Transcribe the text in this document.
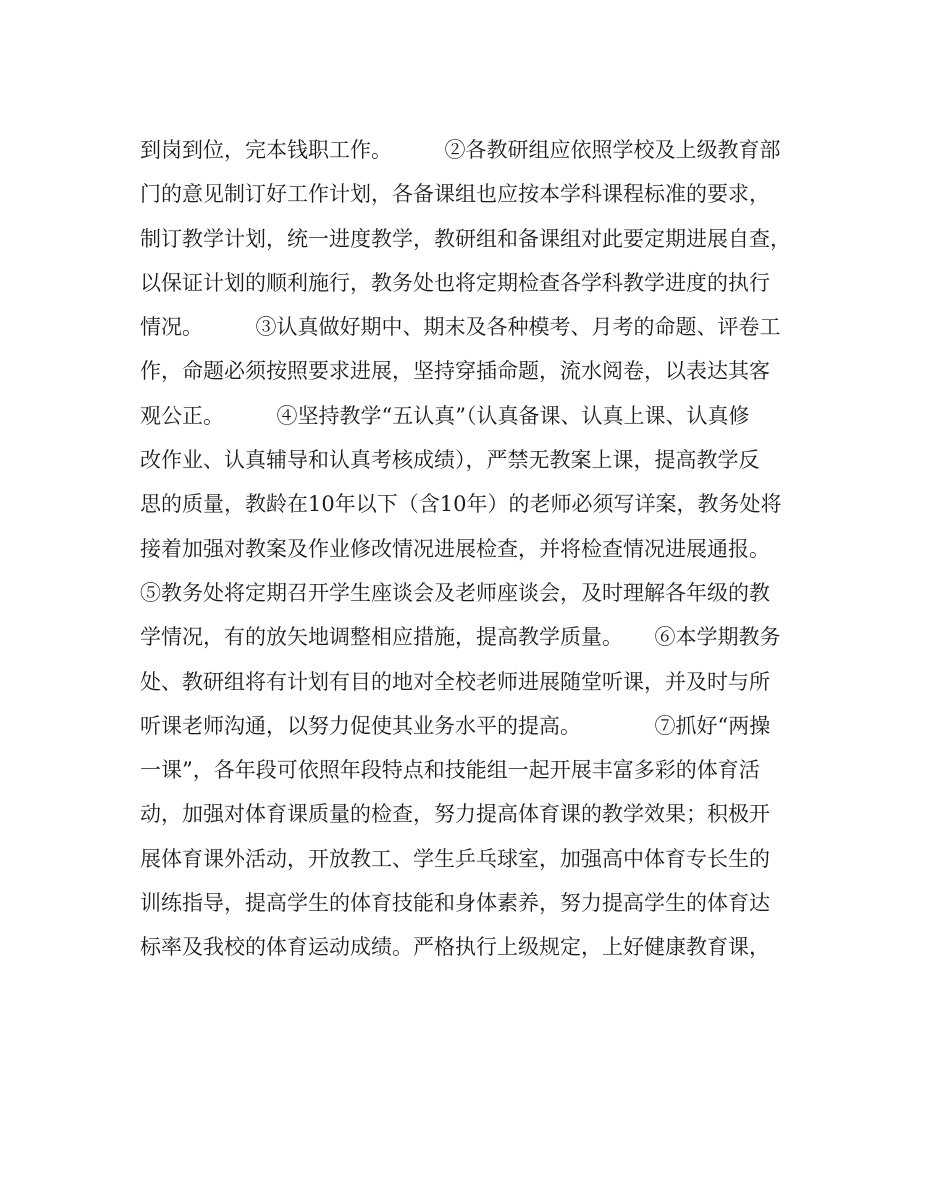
到岗到位，完本钱职工作。　　　②各教研组应依照学校及上级教育部
门的意见制订好工作计划，各备课组也应按本学科课程标准的要求，
制订教学计划，统一进度教学，教研组和备课组对此要定期进展自查，
以保证计划的顺利施行，教务处也将定期检查各学科教学进度的执行
情况。　　　③认真做好期中、期末及各种模考、月考的命题、评卷工
作，命题必须按照要求进展，坚持穿插命题，流水阅卷，以表达其客
观公正。　　　④坚持教学“五认真”（认真备课、认真上课、认真修
改作业、认真辅导和认真考核成绩），严禁无教案上课，提高教学反
思的质量，教龄在10年以下（含10年）的老师必须写详案，教务处将
接着加强对教案及作业修改情况进展检查，并将检查情况进展通报。
⑤教务处将定期召开学生座谈会及老师座谈会，及时理解各年级的教
学情况，有的放矢地调整相应措施，提高教学质量。　　⑥本学期教务
处、教研组将有计划有目的地对全校老师进展随堂听课，并及时与所
听课老师沟通，以努力促使其业务水平的提高。　　　　⑦抓好“两操
一课”，各年段可依照年段特点和技能组一起开展丰富多彩的体育活
动，加强对体育课质量的检查，努力提高体育课的教学效果；积极开
展体育课外活动，开放教工、学生乒乓球室，加强高中体育专长生的
训练指导，提高学生的体育技能和身体素养，努力提高学生的体育达
标率及我校的体育运动成绩。严格执行上级规定，上好健康教育课，
